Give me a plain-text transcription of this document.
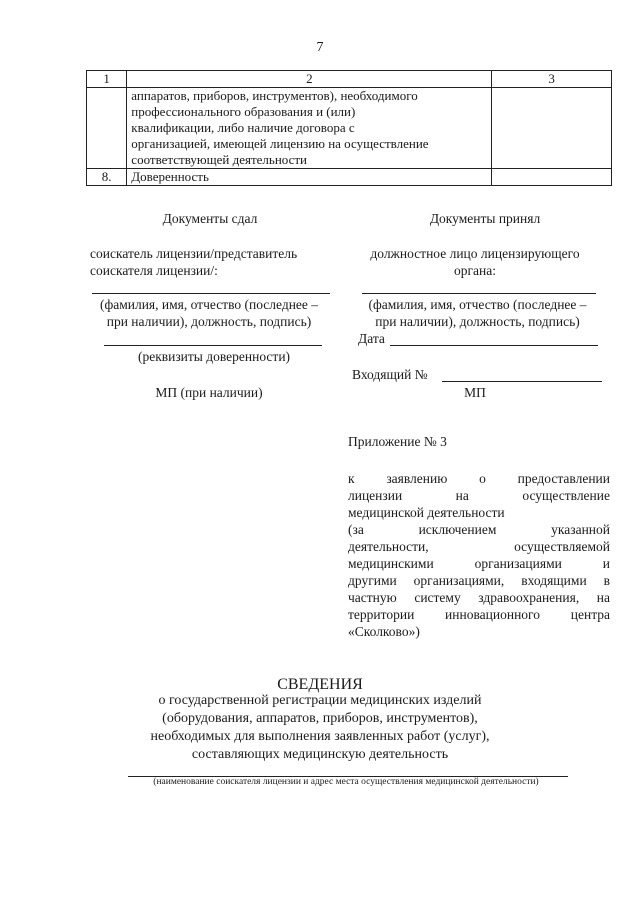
7
1	2	3

	аппаратов, приборов, инструментов), необходимого
профессионального образования и (или)
квалификации, либо наличие договора с
организацией, имеющей лицензию на осуществление
соответствующей деятельности	

8.	Доверенность	

Документы сдал
соискатель лицензии/представитель
соискателя лицензии/:
(фамилия, имя, отчество (последнее –
при наличии), должность, подпись)
(реквизиты доверенности)
МП (при наличии)
Документы принял
должностное лицо лицензирующего
органа:
(фамилия, имя, отчество (последнее –
при наличии), должность, подпись)
Дата
Входящий №
МП
Приложение № 3

к заявлению о предоставлении

лицензии на осуществление

медицинской деятельности

(за исключением указанной

деятельности, осуществляемой

медицинскими организациями и

другими организациями, входящими в

частную систему здравоохранения, на

территории инновационного центра

«Сколково»)

СВЕДЕНИЯ
о государственной регистрации медицинских изделий
(оборудования, аппаратов, приборов, инструментов),
необходимых для выполнения заявленных работ (услуг),
составляющих медицинскую деятельность
(наименование соискателя лицензии и адрес места осуществления медицинской деятельности)
